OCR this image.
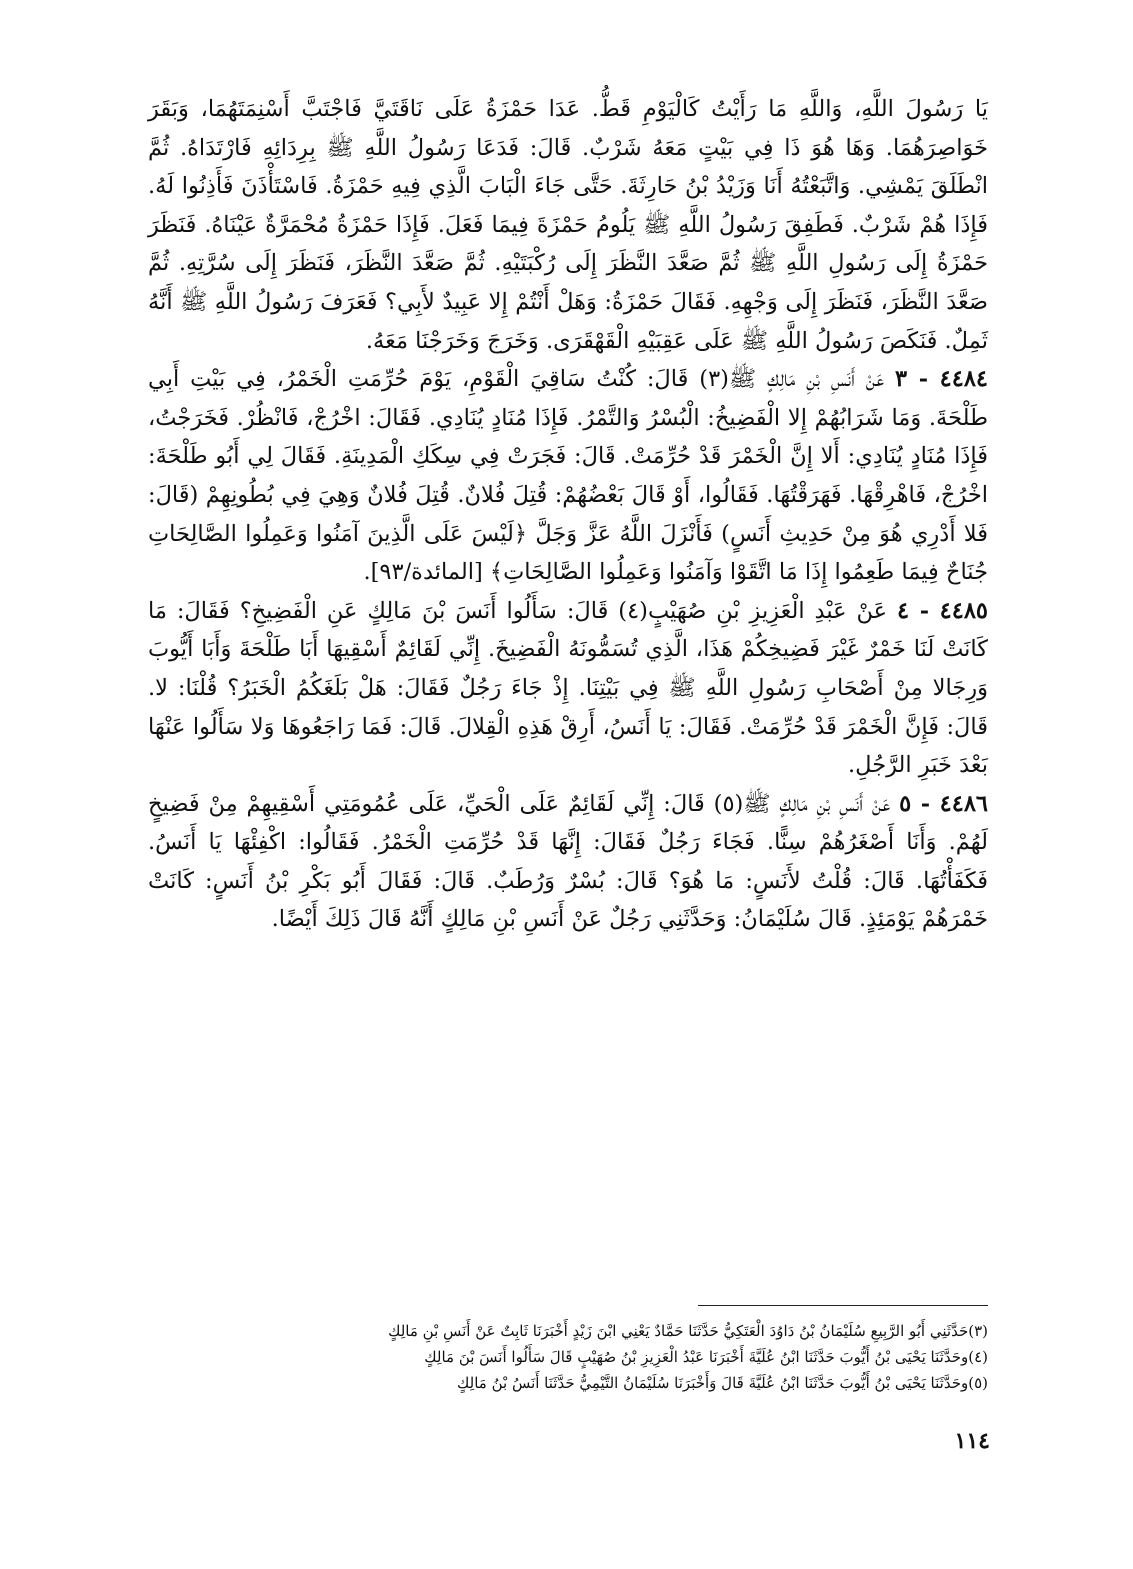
يَا رَسُولَ اللَّهِ، وَاللَّهِ مَا رَأَيْتُ كَالْيَوْمِ قَطُّ. عَدَا حَمْزَةُ عَلَى نَاقَتَيَّ فَاجْتَبَّ أَسْنِمَتَهُمَا، وَبَقَرَ خَوَاصِرَهُمَا. وَهَا هُوَ ذَا فِي بَيْتٍ مَعَهُ شَرْبٌ. قَالَ: فَدَعَا رَسُولُ اللَّهِ ﷺ بِرِدَائِهِ فَارْتَدَاهُ. ثُمَّ انْطَلَقَ يَمْشِي. وَاتَّبَعْتُهُ أَنَا وَزَيْدُ بْنُ حَارِثَةَ. حَتَّى جَاءَ الْبَابَ الَّذِي فِيهِ حَمْزَةُ. فَاسْتَأْذَنَ فَأَذِنُوا لَهُ. فَإِذَا هُمْ شَرْبٌ. فَطَفِقَ رَسُولُ اللَّهِ ﷺ يَلُومُ حَمْزَةَ فِيمَا فَعَلَ. فَإِذَا حَمْزَةُ مُحْمَرَّةٌ عَيْنَاهُ. فَنَظَرَ حَمْزَةُ إِلَى رَسُولِ اللَّهِ ﷺ ثُمَّ صَعَّدَ النَّظَرَ إِلَى رُكْبَتَيْهِ. ثُمَّ صَعَّدَ النَّظَرَ، فَنَظَرَ إِلَى سُرَّتِهِ. ثُمَّ صَعَّدَ النَّظَرَ، فَنَظَرَ إِلَى وَجْهِهِ. فَقَالَ حَمْزَةُ: وَهَلْ أَنْتُمْ إِلا عَبِيدٌ لأَبِي؟ فَعَرَفَ رَسُولُ اللَّهِ ﷺ أَنَّهُ ثَمِلٌ. فَنَكَصَ رَسُولُ اللَّهِ ﷺ عَلَى عَقِبَيْهِ الْقَهْقَرَى. وَخَرَجَ وَخَرَجْنَا مَعَهُ.

٤٤٨٤ - ٣ عَنْ أَنَسِ بْنِ مَالِكٍ ﷺ(٣) قَالَ: كُنْتُ سَاقِيَ الْقَوْمِ، يَوْمَ حُرِّمَتِ الْخَمْرُ، فِي بَيْتِ أَبِي طَلْحَةَ. وَمَا شَرَابُهُمْ إِلا الْفَضِيخُ: الْبُسْرُ وَالتَّمْرُ. فَإِذَا مُنَادٍ يُنَادِي. فَقَالَ: اخْرُجْ، فَانْظُرْ. فَخَرَجْتُ، فَإِذَا مُنَادٍ يُنَادِي: أَلا إِنَّ الْخَمْرَ قَدْ حُرِّمَتْ. قَالَ: فَجَرَتْ فِي سِكَكِ الْمَدِينَةِ. فَقَالَ لِي أَبُو طَلْحَةَ: اخْرُجْ، فَاهْرِقْهَا. فَهَرَقْتُهَا. فَقَالُوا، أَوْ قَالَ بَعْضُهُمْ: قُتِلَ فُلانٌ. قُتِلَ فُلانٌ وَهِيَ فِي بُطُونِهِمْ (قَالَ: فَلا أَدْرِي هُوَ مِنْ حَدِيثِ أَنَسٍ) فَأَنْزَلَ اللَّهُ عَزَّ وَجَلَّ ﴿لَيْسَ عَلَى الَّذِينَ آمَنُوا وَعَمِلُوا الصَّالِحَاتِ جُنَاحٌ فِيمَا طَعِمُوا إِذَا مَا اتَّقَوْا وَآمَنُوا وَعَمِلُوا الصَّالِحَاتِ﴾ [المائدة/٩٣].

٤٤٨٥ - ٤ عَنْ عَبْدِ الْعَزِيزِ بْنِ صُهَيْبٍ(٤) قَالَ: سَأَلُوا أَنَسَ بْنَ مَالِكٍ عَنِ الْفَضِيخِ؟ فَقَالَ: مَا كَانَتْ لَنَا خَمْرٌ غَيْرَ فَضِيخِكُمْ هَذَا، الَّذِي تُسَمُّونَهُ الْفَضِيخَ. إِنِّي لَقَائِمٌ أَسْقِيهَا أَبَا طَلْحَةَ وَأَبَا أَيُّوبَ وَرِجَالا مِنْ أَصْحَابِ رَسُولِ اللَّهِ ﷺ فِي بَيْتِنَا. إِذْ جَاءَ رَجُلٌ فَقَالَ: هَلْ بَلَغَكُمُ الْخَبَرُ؟ قُلْنَا: لا. قَالَ: فَإِنَّ الْخَمْرَ قَدْ حُرِّمَتْ. فَقَالَ: يَا أَنَسُ، أَرِقْ هَذِهِ الْقِلالَ. قَالَ: فَمَا رَاجَعُوهَا وَلا سَأَلُوا عَنْهَا بَعْدَ خَبَرِ الرَّجُلِ.

٤٤٨٦ - ٥ عَنْ أَنَسِ بْنِ مَالِكٍ ﷺ(٥) قَالَ: إِنِّي لَقَائِمٌ عَلَى الْحَيِّ، عَلَى عُمُومَتِي أَسْقِيهِمْ مِنْ فَضِيخٍ لَهُمْ. وَأَنَا أَصْغَرُهُمْ سِنًّا. فَجَاءَ رَجُلٌ فَقَالَ: إِنَّهَا قَدْ حُرِّمَتِ الْخَمْرُ. فَقَالُوا: اكْفِئْهَا يَا أَنَسُ. فَكَفَأْتُهَا. قَالَ: قُلْتُ لأَنَسٍ: مَا هُوَ؟ قَالَ: بُسْرٌ وَرُطَبٌ. قَالَ: فَقَالَ أَبُو بَكْرِ بْنُ أَنَسٍ: كَانَتْ خَمْرَهُمْ يَوْمَئِذٍ. قَالَ سُلَيْمَانُ: وَحَدَّثَنِي رَجُلٌ عَنْ أَنَسِ بْنِ مَالِكٍ أَنَّهُ قَالَ ذَلِكَ أَيْضًا.

(٣)حَدَّثَنِي أَبُو الرَّبِيعِ سُلَيْمَانُ بْنُ دَاوُدَ الْعَتَكِيُّ حَدَّثَنَا حَمَّادٌ يَعْنِي ابْنَ زَيْدٍ أَخْبَرَنَا ثَابِتٌ عَنْ أَنَسِ بْنِ مَالِكٍ

(٤)وحَدَّثَنَا يَحْيَى بْنُ أَيُّوبَ حَدَّثَنَا ابْنُ عُلَيَّةَ أَخْبَرَنَا عَبْدُ الْعَزِيزِ بْنُ صُهَيْبٍ قَالَ سَأَلُوا أَنَسَ بْنَ مَالِكٍ

(٥)وحَدَّثَنَا يَحْيَى بْنُ أَيُّوبَ حَدَّثَنَا ابْنُ عُلَيَّةَ قَالَ وَأَخْبَرَنَا سُلَيْمَانُ التَّيْمِيُّ حَدَّثَنَا أَنَسُ بْنُ مَالِكٍ

١١٤
